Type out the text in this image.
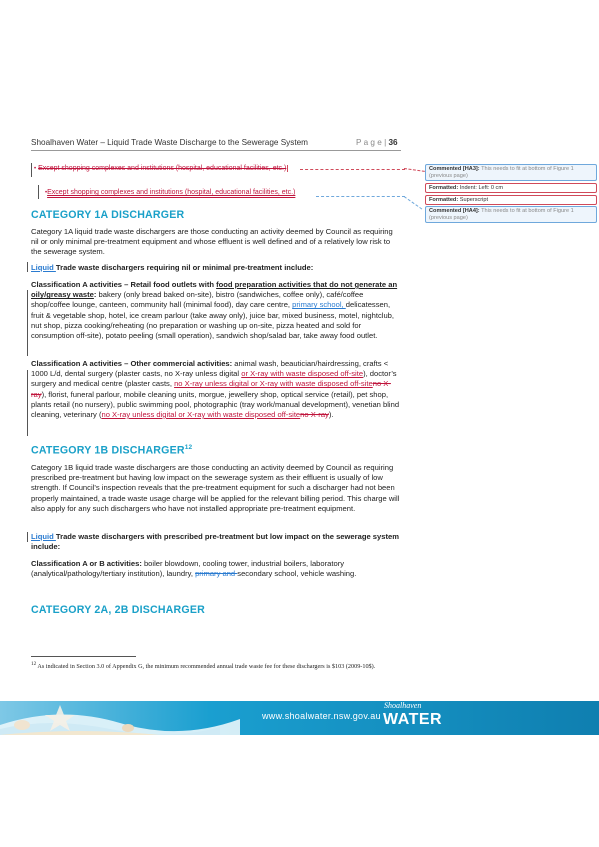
Shoalhaven Water – Liquid Trade Waste Discharge to the Sewerage System	P a g e | 36
• Except shopping complexes and institutions (hospital, educational facilities, etc.)
•Except shopping complexes and institutions (hospital, educational facilities, etc.)
Commented [HA3]: This needs to fit at bottom of Figure 1
(previous page)
Formatted: Indent: Left: 0 cm
Formatted: Superscript
Commented [HA4]: This needs to fit at bottom of Figure 1
(previous page)
CATEGORY 1A DISCHARGER
Category 1A liquid trade waste dischargers are those conducting an activity deemed by Council as requiring nil or only minimal pre-treatment equipment and whose effluent is well defined and of a relatively low risk to the sewerage system.
Liquid Trade waste dischargers requiring nil or minimal pre-treatment include:
Classification A activities – Retail food outlets with food preparation activities that do not generate an oily/greasy waste: bakery (only bread baked on-site), bistro (sandwiches, coffee only), café/coffee shop/coffee lounge, canteen, community hall (minimal food), day care centre, primary school, delicatessen, fruit & vegetable shop, hotel, ice cream parlour (take away only), juice bar, mixed business, motel, nightclub, nut shop, pizza cooking/reheating (no preparation or washing up on-site, pizza heated and sold for consumption off-site), potato peeling (small operation), sandwich shop/salad bar, take away food outlet.
Classification A activities – Other commercial activities: animal wash, beautician/hairdressing, crafts < 1000 L/d, dental surgery (plaster casts, no X-ray unless digital or X-ray with waste disposed off-site), doctor’s surgery and medical centre (plaster casts, no X-ray unless digital or X-ray with waste disposed off-siteno X-ray), florist, funeral parlour, mobile cleaning units, morgue, jewellery shop, optical service (retail), pet shop, plants retail (no nursery), public swimming pool, photographic (tray work/manual development), venetian blind cleaning, veterinary (no X-ray unless digital or X-ray with waste disposed off-siteno X-ray).
CATEGORY 1B DISCHARGER$^{12}$
Category 1B liquid trade waste dischargers are those conducting an activity deemed by Council as requiring prescribed pre-treatment but having low impact on the sewerage system as their effluent is usually of low strength. If Council’s inspection reveals that the pre-treatment equipment for such a discharger had not been properly maintained, a trade waste usage charge will be applied for the relevant billing period. This charge will also apply for any such dischargers who have not installed appropriate pre-treatment equipment.
Liquid Trade waste dischargers with prescribed pre-treatment but low impact on the sewerage system include:
Classification A or B activities: boiler blowdown, cooling tower, industrial boilers, laboratory (analytical/pathology/tertiary institution), laundry, primary and secondary school, vehicle washing.
CATEGORY 2A, 2B DISCHARGER
$^{12}$ As indicated in Section 3.0 of Appendix G, the minimum recommended annual trade waste fee for these dischargers is $103 (2009-10$).
www.shoalwater.nsw.gov.au
Shoalhaven
WATER
